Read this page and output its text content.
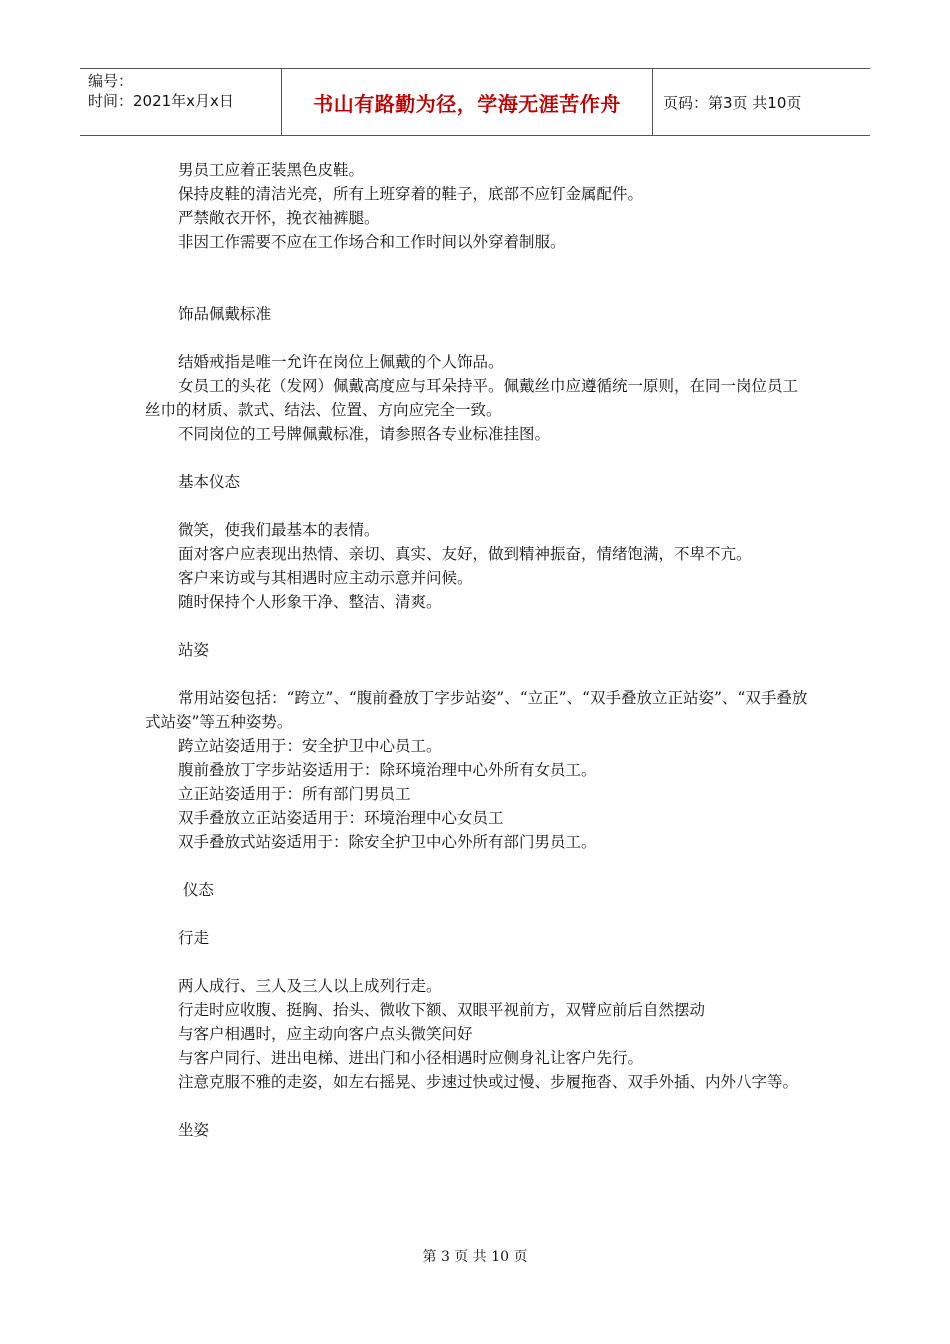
编号：
时间：2021年x月x日	书山有路勤为径，学海无涯苦作舟	页码：第3页 共10页

男员工应着正装黑色皮鞋。

保持皮鞋的清洁光亮，所有上班穿着的鞋子，底部不应钉金属配件。

严禁敞衣开怀，挽衣袖裤腿。

非因工作需要不应在工作场合和工作时间以外穿着制服。

饰品佩戴标准

结婚戒指是唯一允许在岗位上佩戴的个人饰品。

女员工的头花（发网）佩戴高度应与耳朵持平。佩戴丝巾应遵循统一原则，在同一岗位员工丝巾的材质、款式、结法、位置、方向应完全一致。

不同岗位的工号牌佩戴标准，请参照各专业标准挂图。

基本仪态

微笑，使我们最基本的表情。

面对客户应表现出热情、亲切、真实、友好，做到精神振奋，情绪饱满，不卑不亢。

客户来访或与其相遇时应主动示意并问候。

随时保持个人形象干净、整洁、清爽。

站姿

常用站姿包括：“跨立”、“腹前叠放丁字步站姿”、“立正”、“双手叠放立正站姿”、“双手叠放式站姿”等五种姿势。

跨立站姿适用于：安全护卫中心员工。

腹前叠放丁字步站姿适用于：除环境治理中心外所有女员工。

立正站姿适用于：所有部门男员工

双手叠放立正站姿适用于：环境治理中心女员工

双手叠放式站姿适用于：除安全护卫中心外所有部门男员工。

仪态

行走

两人成行、三人及三人以上成列行走。

行走时应收腹、挺胸、抬头、微收下额、双眼平视前方，双臂应前后自然摆动

与客户相遇时，应主动向客户点头微笑问好

与客户同行、进出电梯、进出门和小径相遇时应侧身礼让客户先行。

注意克服不雅的走姿，如左右摇晃、步速过快或过慢、步履拖沓、双手外插、内外八字等。

坐姿

第 3 页 共 10 页
